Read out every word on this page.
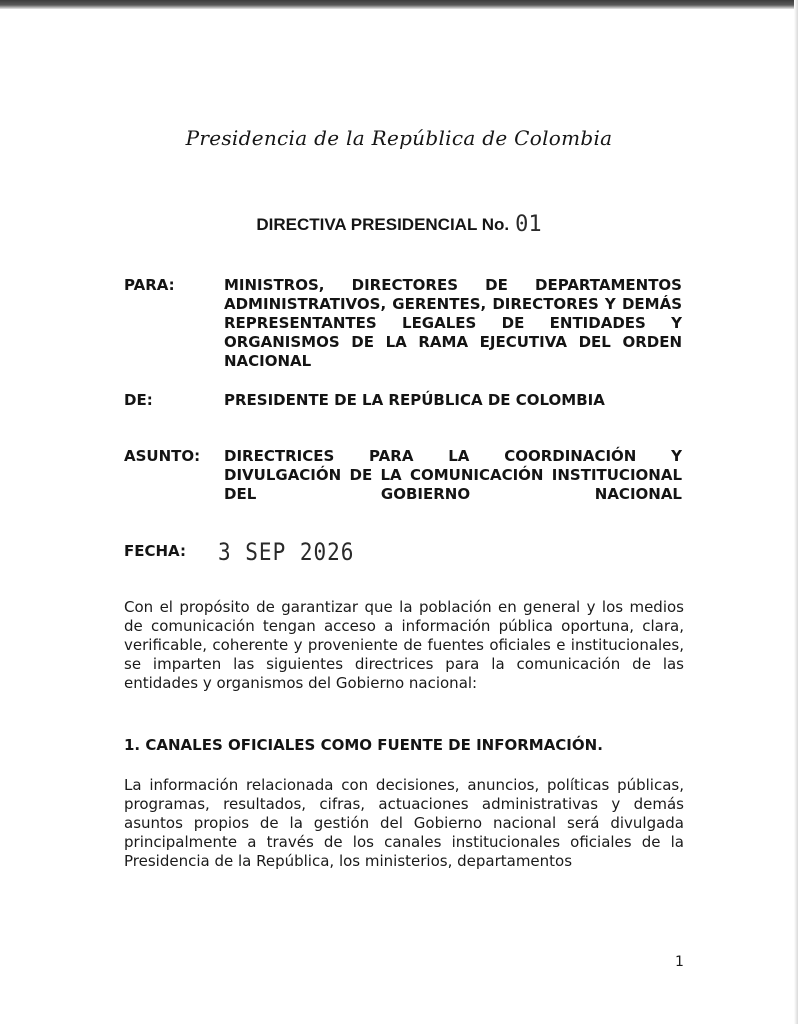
Presidencia de la República de Colombia
DIRECTIVA PRESIDENCIAL No. 01
PARA:	MINISTROS, DIRECTORES DE DEPARTAMENTOS ADMINISTRATIVOS, GERENTES, DIRECTORES Y DEMÁS REPRESENTANTES LEGALES DE ENTIDADES Y ORGANISMOS DE LA RAMA EJECUTIVA DEL ORDEN NACIONAL
DE:	PRESIDENTE DE LA REPÚBLICA DE COLOMBIA
ASUNTO: DIRECTRICES PARA LA COORDINACIÓN Y DIVULGACIÓN DE LA COMUNICACIÓN INSTITUCIONAL DEL GOBIERNO NACIONAL
FECHA: 3 SEP 2026
Con el propósito de garantizar que la población en general y los medios de comunicación tengan acceso a información pública oportuna, clara, verificable, coherente y proveniente de fuentes oficiales e institucionales, se imparten las siguientes directrices para la comunicación de las entidades y organismos del Gobierno nacional:
1. CANALES OFICIALES COMO FUENTE DE INFORMACIÓN.
La información relacionada con decisiones, anuncios, políticas públicas, programas, resultados, cifras, actuaciones administrativas y demás asuntos propios de la gestión del Gobierno nacional será divulgada principalmente a través de los canales institucionales oficiales de la Presidencia de la República, los ministerios, departamentos
1
